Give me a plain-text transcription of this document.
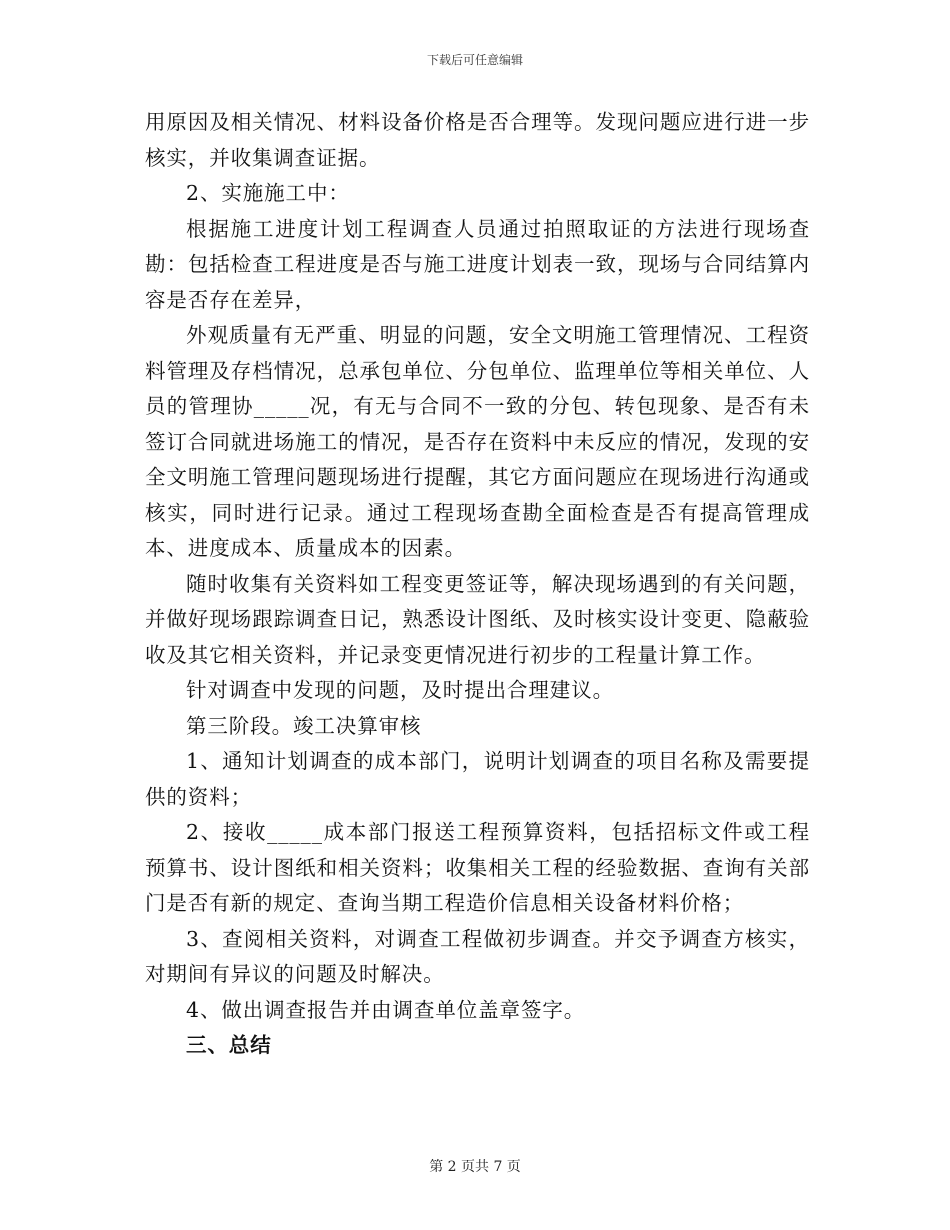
下载后可任意编辑

用原因及相关情况、材料设备价格是否合理等。发现问题应进行进一步核实，并收集调查证据。

2、实施施工中：

根据施工进度计划工程调查人员通过拍照取证的方法进行现场查勘：包括检查工程进度是否与施工进度计划表一致，现场与合同结算内容是否存在差异，

外观质量有无严重、明显的问题，安全文明施工管理情况、工程资料管理及存档情况，总承包单位、分包单位、监理单位等相关单位、人员的管理协_____况，有无与合同不一致的分包、转包现象、是否有未签订合同就进场施工的情况，是否存在资料中未反应的情况，发现的安全文明施工管理问题现场进行提醒，其它方面问题应在现场进行沟通或核实，同时进行记录。通过工程现场查勘全面检查是否有提高管理成本、进度成本、质量成本的因素。

随时收集有关资料如工程变更签证等，解决现场遇到的有关问题，并做好现场跟踪调查日记，熟悉设计图纸、及时核实设计变更、隐蔽验收及其它相关资料，并记录变更情况进行初步的工程量计算工作。

针对调查中发现的问题，及时提出合理建议。

第三阶段。竣工决算审核

1、通知计划调查的成本部门，说明计划调查的项目名称及需要提供的资料；

2、接收_____成本部门报送工程预算资料，包括招标文件或工程预算书、设计图纸和相关资料；收集相关工程的经验数据、查询有关部门是否有新的规定、查询当期工程造价信息相关设备材料价格；

3、查阅相关资料，对调查工程做初步调查。并交予调查方核实，对期间有异议的问题及时解决。

4、做出调查报告并由调查单位盖章签字。

三、总结

第 2 页共 7 页
